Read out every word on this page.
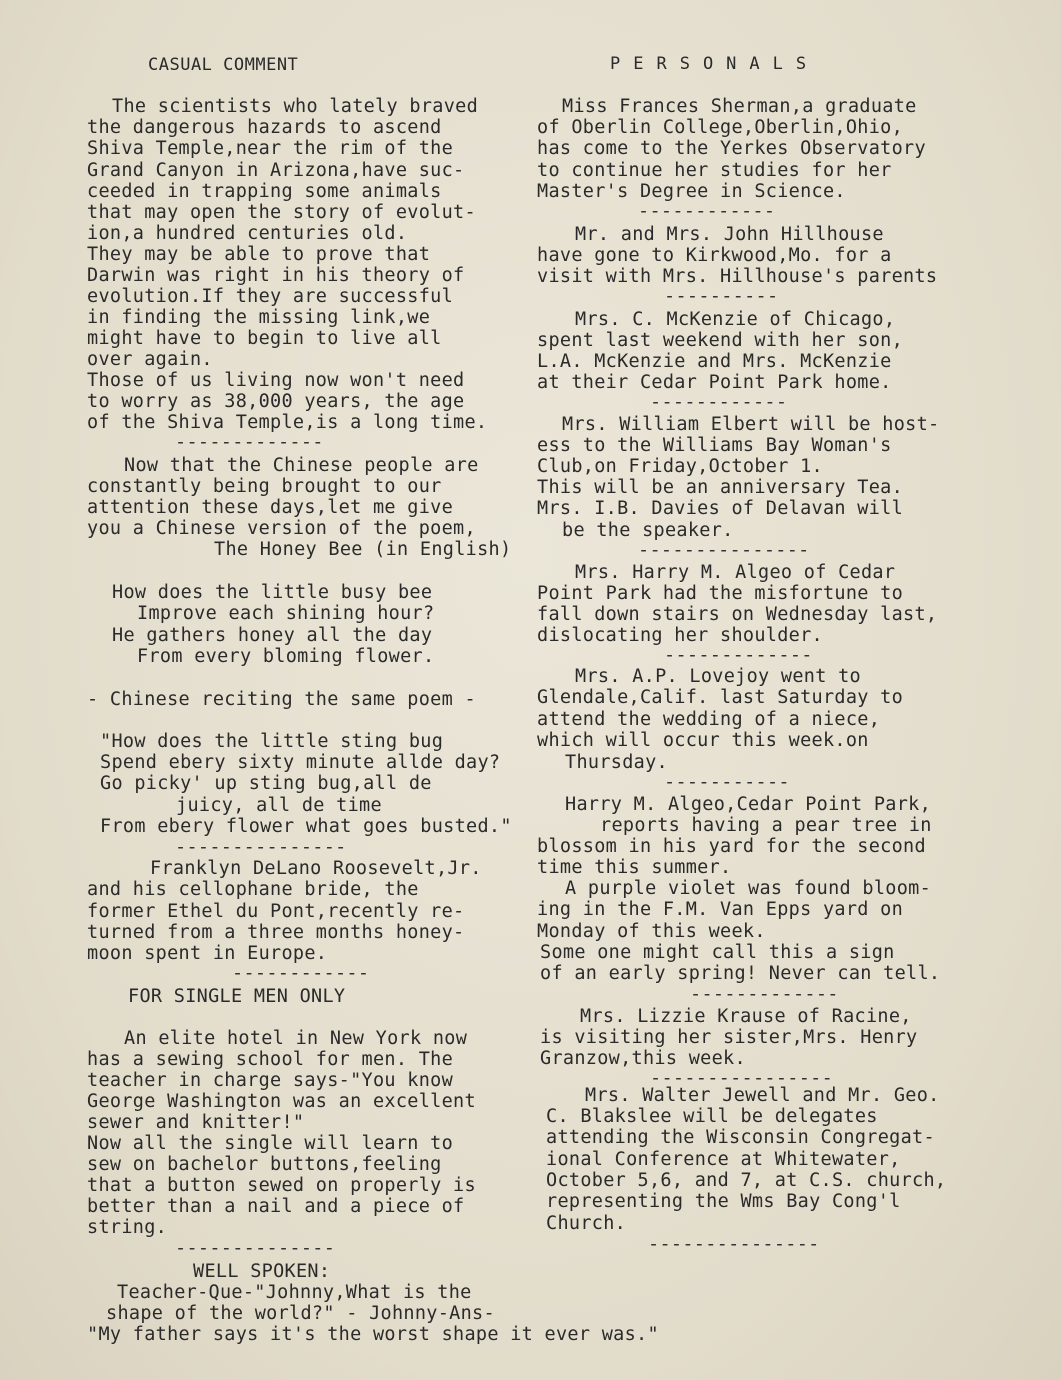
CASUAL COMMENT
The scientists who lately braved
the dangerous hazards to ascend
Shiva Temple,near the rim of the
Grand Canyon in Arizona,have suc-
ceeded in trapping some animals
that may open the story of evolut-
ion,a hundred centuries old.
They may be able to prove that
Darwin was right in his theory of
evolution.If they are successful
in finding the missing link,we
might have to begin to live all
over again.
Those of us living now won't need
to worry as 38,000 years, the age
of the Shiva Temple,is a long time.
-------------
Now that the Chinese people are
constantly being brought to our
attention these days,let me give
you a Chinese version of the poem,
The Honey Bee (in English)
How does the little busy bee
Improve each shining hour?
He gathers honey all the day
From every bloming flower.
- Chinese reciting the same poem -
"How does the little sting bug
Spend ebery sixty minute allde day?
Go picky' up sting bug,all de
juicy, all de time
From ebery flower what goes busted."
---------------
Franklyn DeLano Roosevelt,Jr.
and his cellophane bride, the
former Ethel du Pont,recently re-
turned from a three months honey-
moon spent in Europe.
------------
FOR SINGLE MEN ONLY
An elite hotel in New York now
has a sewing school for men. The
teacher in charge says-"You know
George Washington was an excellent
sewer and knitter!"
Now all the single will learn to
sew on bachelor buttons,feeling
that a button sewed on properly is
better than a nail and a piece of
string.
--------------
WELL SPOKEN:
Teacher-Que-"Johnny,What is the
shape of the world?" - Johnny-Ans-
"My father says it's the worst shape it ever was."
PERSONALS
Miss Frances Sherman,a graduate
of Oberlin College,Oberlin,Ohio,
has come to the Yerkes Observatory
to continue her studies for her
Master's Degree in Science.
------------
Mr. and Mrs. John Hillhouse
have gone to Kirkwood,Mo. for a
visit with Mrs. Hillhouse's parents
----------
Mrs. C. McKenzie of Chicago,
spent last weekend with her son,
L.A. McKenzie and Mrs. McKenzie
at their Cedar Point Park home.
------------
Mrs. William Elbert will be host-
ess to the Williams Bay Woman's
Club,on Friday,October 1.
This will be an anniversary Tea.
Mrs. I.B. Davies of Delavan will
be the speaker.
---------------
Mrs. Harry M. Algeo of Cedar
Point Park had the misfortune to
fall down stairs on Wednesday last,
dislocating her shoulder.
-------------
Mrs. A.P. Lovejoy went to
Glendale,Calif. last Saturday to
attend the wedding of a niece,
which will occur this week.on
Thursday.
-----------
Harry M. Algeo,Cedar Point Park,
reports having a pear tree in
blossom in his yard for the second
time this summer.
A purple violet was found bloom-
ing in the F.M. Van Epps yard on
Monday of this week.
Some one might call this a sign
of an early spring! Never can tell.
-------------
Mrs. Lizzie Krause of Racine,
is visiting her sister,Mrs. Henry
Granzow,this week.
----------------
Mrs. Walter Jewell and Mr. Geo.
C. Blakslee will be delegates
attending the Wisconsin Congregat-
ional Conference at Whitewater,
October 5,6, and 7, at C.S. church,
representing the Wms Bay Cong'l
Church.
---------------
